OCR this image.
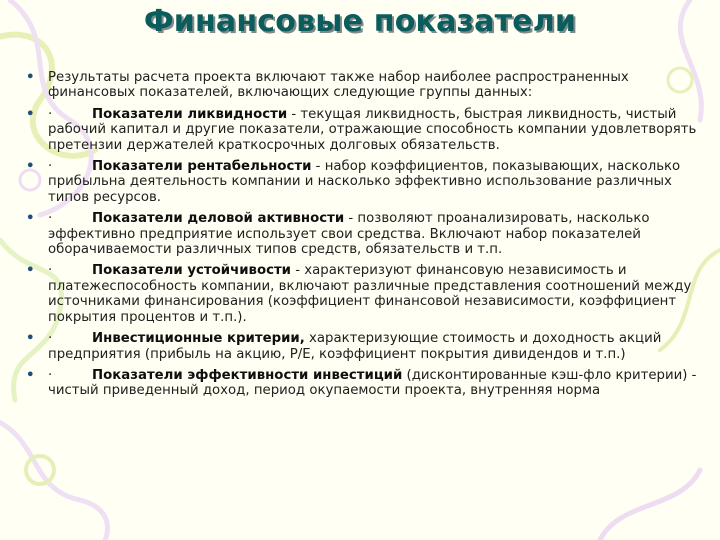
Финансовые показатели
• Результаты расчета проекта включают также набор наиболее распространенных финансовых показателей, включающих следующие группы данных:
• ·	Показатели ликвидности - текущая ликвидность, быстрая ликвидность, чистый рабочий капитал и другие показатели, отражающие способность компании удовлетворять претензии держателей краткосрочных долговых обязательств.
• ·	Показатели рентабельности - набор коэффициентов, показывающих, насколько прибыльна деятельность компании и насколько эффективно использование различных типов ресурсов.
• ·	Показатели деловой активности - позволяют проанализировать, насколько эффективно предприятие использует свои средства. Включают набор показателей оборачиваемости различных типов средств, обязательств и т.п.
• ·	Показатели устойчивости - характеризуют финансовую независимость и платежеспособность компании, включают различные представления соотношений между источниками финансирования (коэффициент финансовой независимости, коэффициент покрытия процентов и т.п.).
• ·	Инвестиционные критерии, характеризующие стоимость и доходность акций предприятия (прибыль на акцию, P/E, коэффициент покрытия дивидендов и т.п.)
• ·	Показатели эффективности инвестиций (дисконтированные кэш-фло критерии) - чистый приведенный доход, период окупаемости проекта, внутренняя норма
